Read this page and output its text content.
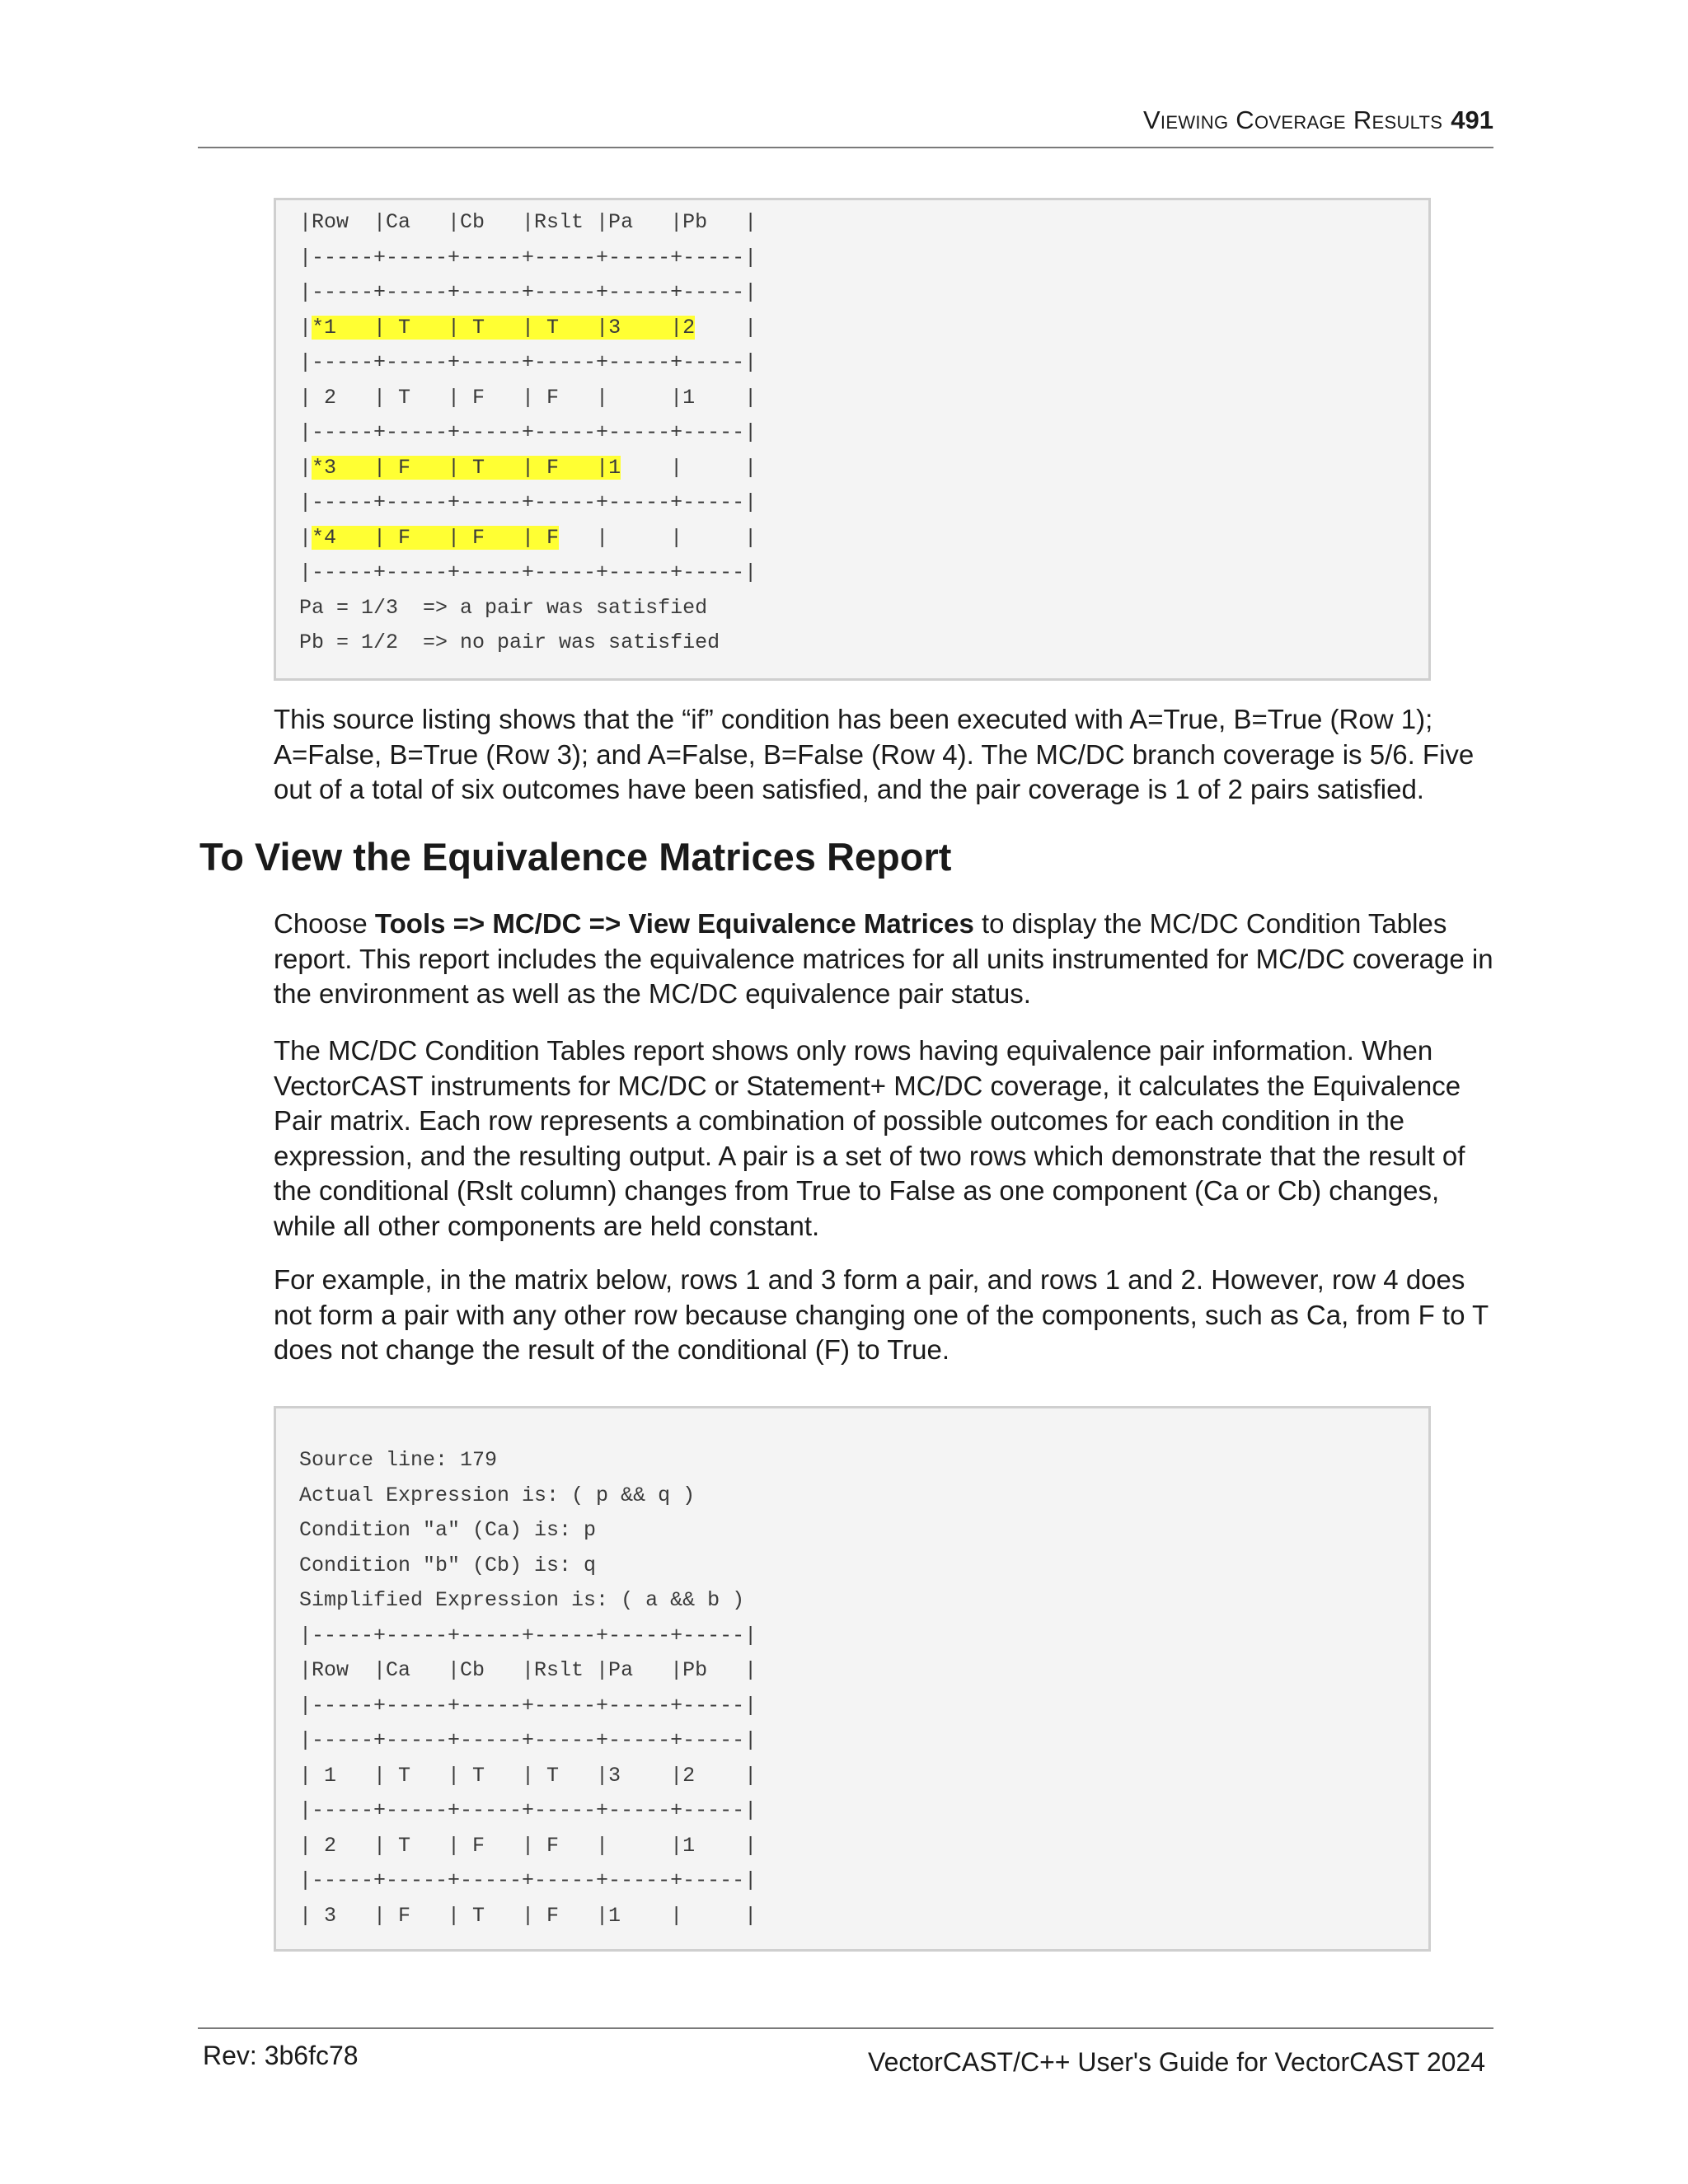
Viewing Coverage Results 491
|Row  |Ca   |Cb   |Rslt |Pa   |Pb   |
|-----+-----+-----+-----+-----+-----|
|-----+-----+-----+-----+-----+-----|
|*1   | T   | T   | T   |3    |2    |
|-----+-----+-----+-----+-----+-----|
| 2   | T   | F   | F   |     |1    |
|-----+-----+-----+-----+-----+-----|
|*3   | F   | T   | F   |1    |     |
|-----+-----+-----+-----+-----+-----|
|*4   | F   | F   | F   |     |     |
|-----+-----+-----+-----+-----+-----|
Pa = 1/3  => a pair was satisfied
Pb = 1/2  => no pair was satisfied

This source listing shows that the “if” condition has been executed with A=True, B=True (Row 1); A=False, B=True (Row 3); and A=False, B=False (Row 4). The MC/DC branch coverage is 5/6. Five out of a total of six outcomes have been satisfied, and the pair coverage is 1 of 2 pairs satisfied.

To View the Equivalence Matrices Report

Choose Tools => MC/DC => View Equivalence Matrices to display the MC/DC Condition Tables report. This report includes the equivalence matrices for all units instrumented for MC/DC coverage in the environment as well as the MC/DC equivalence pair status.

The MC/DC Condition Tables report shows only rows having equivalence pair information. When VectorCAST instruments for MC/DC or Statement+ MC/DC coverage, it calculates the Equivalence Pair matrix. Each row represents a combination of possible outcomes for each condition in the expression, and the resulting output. A pair is a set of two rows which demonstrate that the result of the conditional (Rslt column) changes from True to False as one component (Ca or Cb) changes, while all other components are held constant.

For example, in the matrix below, rows 1 and 3 form a pair, and rows 1 and 2. However, row 4 does not form a pair with any other row because changing one of the components, such as Ca, from F to T does not change the result of the conditional (F) to True.

Source line: 179
Actual Expression is: ( p && q )
Condition "a" (Ca) is: p
Condition "b" (Cb) is: q
Simplified Expression is: ( a && b )
|-----+-----+-----+-----+-----+-----|
|Row  |Ca   |Cb   |Rslt |Pa   |Pb   |
|-----+-----+-----+-----+-----+-----|
|-----+-----+-----+-----+-----+-----|
| 1   | T   | T   | T   |3    |2    |
|-----+-----+-----+-----+-----+-----|
| 2   | T   | F   | F   |     |1    |
|-----+-----+-----+-----+-----+-----|
| 3   | F   | T   | F   |1    |     |
Rev: 3b6fc78	VectorCAST/C++ User's Guide for VectorCAST 2024
